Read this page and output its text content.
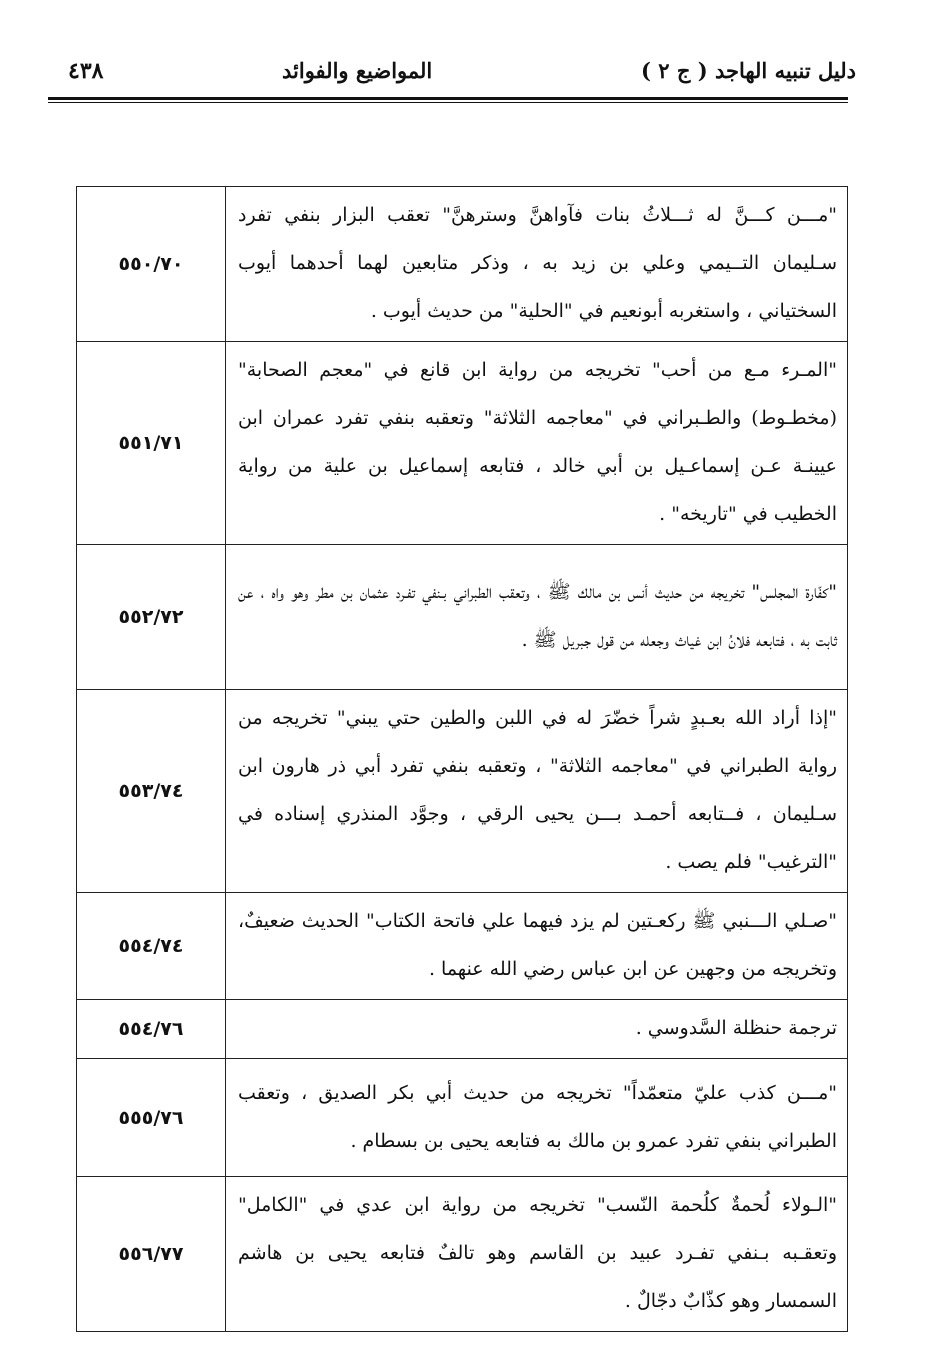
دليل تنبيه الهاجد ( ج ٢ )
المواضيع والفوائد
٤٣٨
٥٥٠/٧٠	"مـــن كـــنَّ له ثـــلاثُ بنات فآواهنَّ وسترهنَّ" تعقب البزار بنفي تفرد سـليمان التــيمي وعلي بن زيد به ، وذكر متابعين لهما أحدهما أيوب السختياني ، واستغربه أبونعيم في "الحلية" من حديث أيوب .
٥٥١/٧١	"المـرء مـع من أحب" تخريجه من رواية ابن قانع في "معجم الصحابة" (مخطـوط) والطـبراني في "معاجمه الثلاثة" وتعقبه بنفي تفرد عمران ابن عيينـة عـن إسماعـيل بن أبي خالد ، فتابعه إسماعيل بن علية من رواية الخطيب في "تاريخه" .
٥٥٢/٧٢	"كفّارة المجلس" تخريجه من حديث أنس بن مالك ﷺ ، وتعقب الطبراني بـنفي تفـرد عثمان بن مطر وهو واه ، عن ثابت به ، فتابعه فلانُ ابن غياث وجعله من قول جبريل ﷺ .
٥٥٣/٧٤	"إذا أراد الله بعـبدٍ شراً خضّرَ له في اللبن والطين حتي يبني" تخريجه من رواية الطبراني في "معاجمه الثلاثة" ، وتعقبه بنفي تفرد أبي ذر هارون ابن سـليمان ، فــتابعه أحمـد بـــن يحيى الرقي ، وجوَّد المنذري إسناده في "الترغيب" فلم يصب .
٥٥٤/٧٤	"صـلي الـــنبي ﷺ ركعـتين لم يزد فيهما علي فاتحة الكتاب" الحديث ضعيفٌ، وتخريجه من وجهين عن ابن عباس رضي الله عنهما .
٥٥٤/٧٦	ترجمة حنظلة السَّدوسي .
٥٥٥/٧٦	"مـــن كذب عليّ متعمّداً" تخريجه من حديث أبي بكر الصديق ، وتعقب الطبراني بنفي تفرد عمرو بن مالك به فتابعه يحيى بن بسطام .
٥٥٦/٧٧	"الـولاء لُحمةٌ كلُحمة النّسب" تخريجه من رواية ابن عدي في "الكامل" وتعقـبه بـنفي تفـرد عبيد بن القاسم وهو تالفٌ فتابعه يحيى بن هاشم السمسار وهو كذّابٌ دجّالٌ .
